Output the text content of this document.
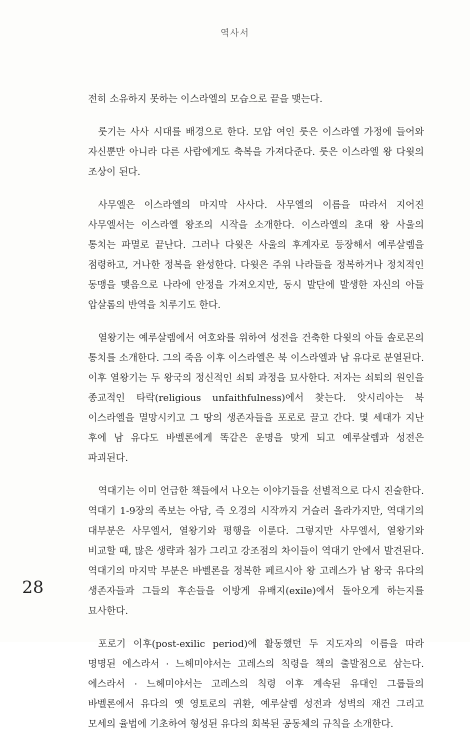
역사서

전히 소유하지 못하는 이스라엘의 모습으로 끝을 맺는다.

룻기는 사사 시대를 배경으로 한다. 모압 여인 룻은 이스라엘 가정에 들어와 자신뿐만 아니라 다른 사람에게도 축복을 가져다준다. 룻은 이스라엘 왕 다윗의 조상이 된다.

사무엘은 이스라엘의 마지막 사사다. 사무엘의 이름을 따라서 지어진 사무엘서는 이스라엘 왕조의 시작을 소개한다. 이스라엘의 초대 왕 사울의 통치는 파멸로 끝난다. 그러나 다윗은 사울의 후계자로 등장해서 예루살렘을 점령하고, 거나한 정복을 완성한다. 다윗은 주위 나라들을 정복하거나 정치적인 동맹을 맺음으로 나라에 안정을 가져오지만, 동시 발단에 발생한 자신의 아들 압살롬의 반역을 치루기도 한다.

열왕기는 예루살렘에서 여호와를 위하여 성전을 건축한 다윗의 아들 솔로몬의 통치를 소개한다. 그의 죽음 이후 이스라엘은 북 이스라엘과 남 유다로 분열된다. 이후 열왕기는 두 왕국의 정신적인 쇠퇴 과정을 묘사한다. 저자는 쇠퇴의 원인을 종교적인 타락(religious unfaithfulness)에서 찾는다. 앗시리아는 북 이스라엘을 멸망시키고 그 땅의 생존자들을 포로로 끌고 간다. 몇 세대가 지난 후에 남 유다도 바벨론에게 똑같은 운명을 맞게 되고 예루살렘과 성전은 파괴된다.

역대기는 이미 언급한 책들에서 나오는 이야기들을 선별적으로 다시 진술한다. 역대기 1-9장의 족보는 아담, 즉 오경의 시작까지 거슬러 올라가지만, 역대기의 대부분은 사무엘서, 열왕기와 평행을 이룬다. 그렇지만 사무엘서, 열왕기와 비교할 때, 많은 생략과 첨가 그리고 강조점의 차이들이 역대기 안에서 발견된다. 역대기의 마지막 부분은 바벨론을 정복한 페르시아 왕 고레스가 남 왕국 유다의 생존자들과 그들의 후손들을 이방게 유배지(exile)에서 돌아오게 하는지를 묘사한다.

포로기 이후(post-exilic period)에 활동했던 두 지도자의 이름을 따라 명명된 에스라서 · 느헤미야서는 고레스의 칙령을 책의 출발점으로 삼는다. 에스라서 · 느헤미야서는 고레스의 칙령 이후 계속된 유대인 그룹들의 바벨론에서 유다의 옛 영토로의 귀환, 예루살렘 성전과 성벽의 재건 그리고 모세의 율법에 기초하여 형성된 유다의 회복된 공동체의 규칙을 소개한다.

28
